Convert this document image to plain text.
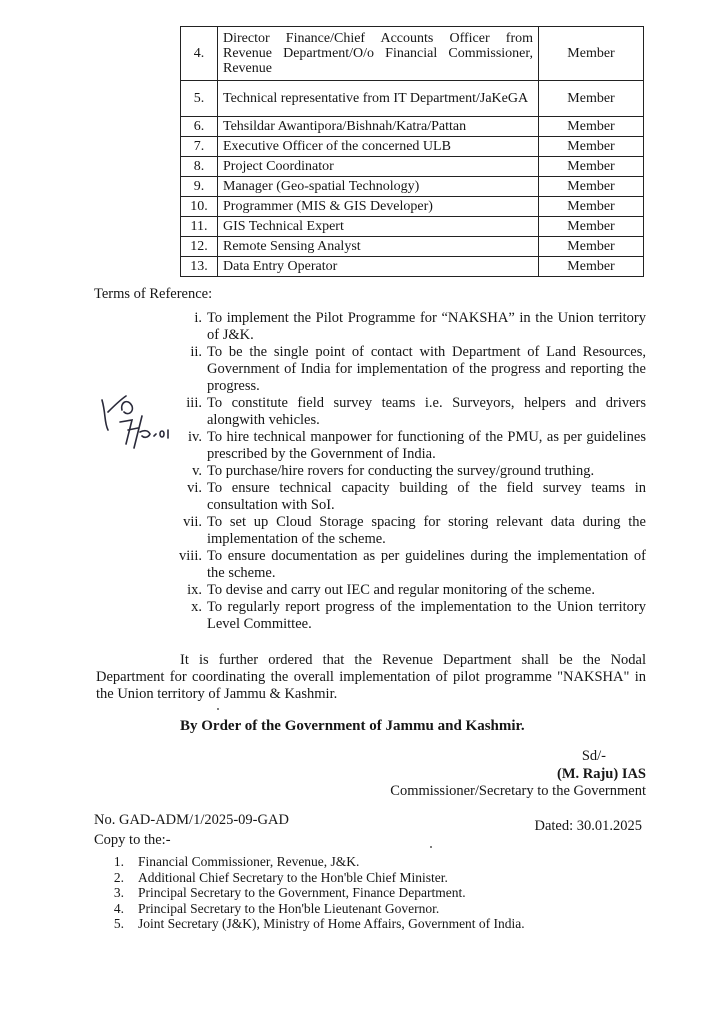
4.	Director Finance/Chief Accounts Officer from Revenue Department/O/o Financial Commissioner, Revenue	Member
5.	Technical representative from IT Department/JaKeGA	Member
6.	Tehsildar Awantipora/Bishnah/Katra/Pattan	Member
7.	Executive Officer of the concerned ULB	Member
8.	Project Coordinator	Member
9.	Manager (Geo-spatial Technology)	Member
10.	Programmer (MIS & GIS Developer)	Member
11.	GIS Technical Expert	Member
12.	Remote Sensing Analyst	Member
13.	Data Entry Operator	Member
Terms of Reference:
i. To implement the Pilot Programme for “NAKSHA” in the Union territory of J&K.
ii. To be the single point of contact with Department of Land Resources, Government of India for implementation of the progress and reporting the progress.
iii. To constitute field survey teams i.e. Surveyors, helpers and drivers alongwith vehicles.
iv. To hire technical manpower for functioning of the PMU, as per guidelines prescribed by the Government of India.
v. To purchase/hire rovers for conducting the survey/ground truthing.
vi. To ensure technical capacity building of the field survey teams in consultation with SoI.
vii. To set up Cloud Storage spacing for storing relevant data during the implementation of the scheme.
viii. To ensure documentation as per guidelines during the implementation of the scheme.
ix. To devise and carry out IEC and regular monitoring of the scheme.
x. To regularly report progress of the implementation to the Union territory Level Committee.
It is further ordered that the Revenue Department shall be the Nodal Department for coordinating the overall implementation of pilot programme "NAKSHA" in the Union territory of Jammu & Kashmir.
By Order of the Government of Jammu and Kashmir.
Sd/-
(M. Raju) IAS
Commissioner/Secretary to the Government
No. GAD-ADM/1/2025-09-GAD	Dated: 30.01.2025
Copy to the:-
1. Financial Commissioner, Revenue, J&K.
2. Additional Chief Secretary to the Hon'ble Chief Minister.
3. Principal Secretary to the Government, Finance Department.
4. Principal Secretary to the Hon'ble Lieutenant Governor.
5. Joint Secretary (J&K), Ministry of Home Affairs, Government of India.
